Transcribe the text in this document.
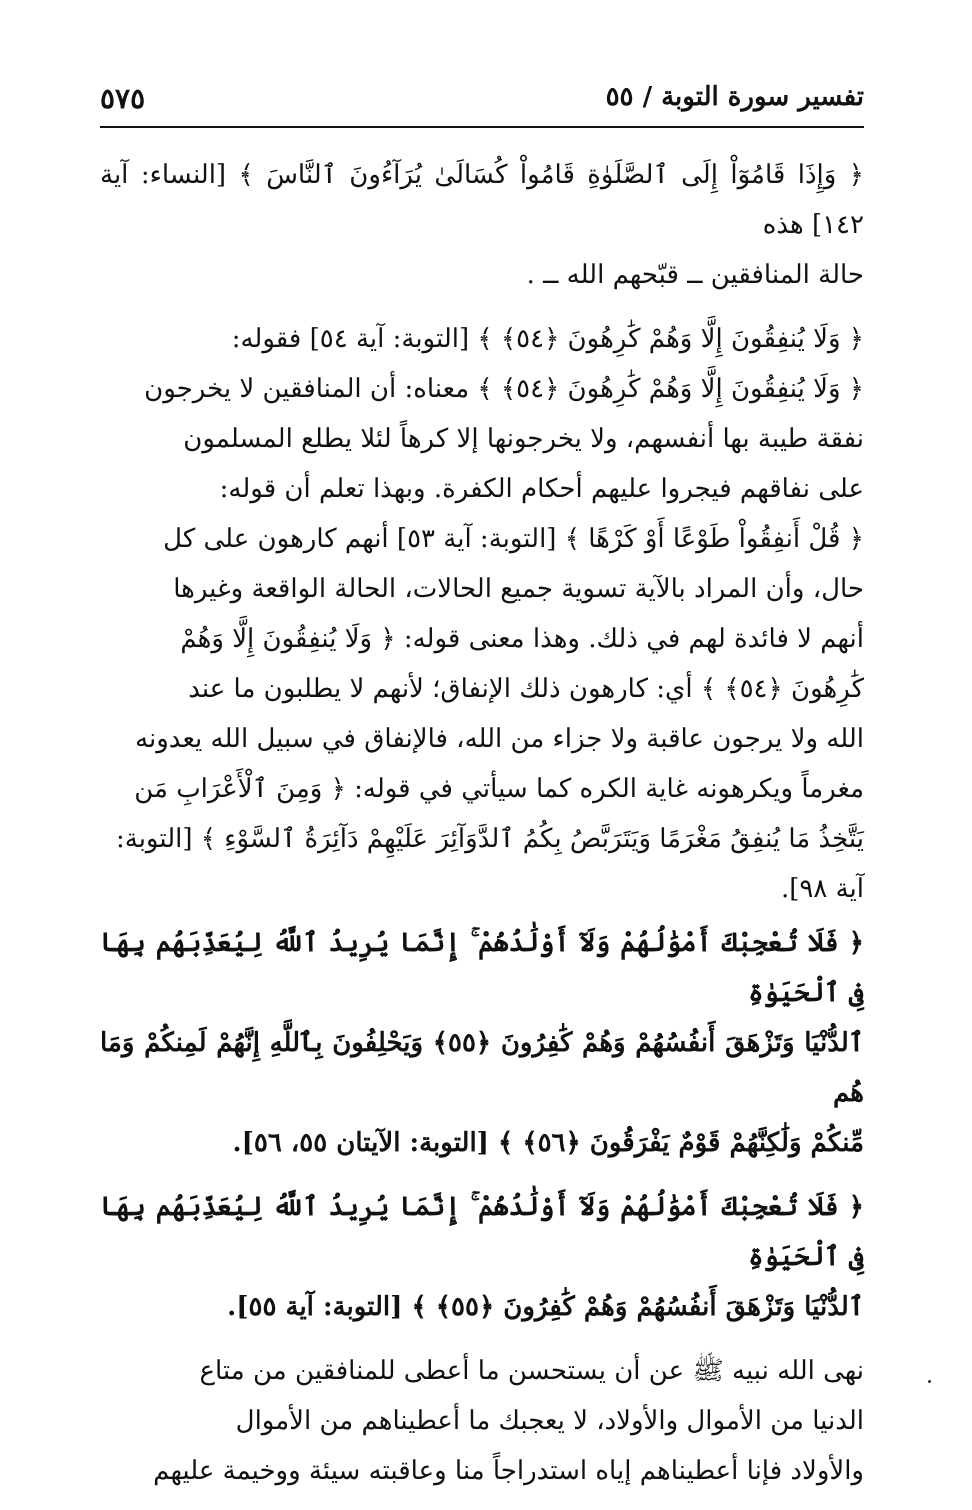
تفسير سورة التوبة / ٥٥
٥٧٥

﴿ وَإِذَا قَامُوٓاْ إِلَى ٱلصَّلَوٰةِ قَامُواْ كُسَالَىٰ يُرَآءُونَ ٱلنَّاسَ ﴾ [النساء: آية ١٤٢] هذه
حالة المنافقين ــ قبّحهم الله ــ .

﴿ وَلَا يُنفِقُونَ إِلَّا وَهُمْ كَٰرِهُونَ ﴿٥٤﴾ ﴾ [التوبة: آية ٥٤] فقوله:
﴿ وَلَا يُنفِقُونَ إِلَّا وَهُمْ كَٰرِهُونَ ﴿٥٤﴾ ﴾ معناه: أن المنافقين لا يخرجون
نفقة طيبة بها أنفسهم، ولا يخرجونها إلا كرهاً لئلا يطلع المسلمون
على نفاقهم فيجروا عليهم أحكام الكفرة. وبهذا تعلم أن قوله:
﴿ قُلْ أَنفِقُواْ طَوْعًا أَوْ كَرْهًا ﴾ [التوبة: آية ٥٣] أنهم كارهون على كل
حال، وأن المراد بالآية تسوية جميع الحالات، الحالة الواقعة وغيرها
أنهم لا فائدة لهم في ذلك. وهذا معنى قوله: ﴿ وَلَا يُنفِقُونَ إِلَّا وَهُمْ
كَٰرِهُونَ ﴿٥٤﴾ ﴾ أي: كارهون ذلك الإنفاق؛ لأنهم لا يطلبون ما عند
الله ولا يرجون عاقبة ولا جزاء من الله، فالإنفاق في سبيل الله يعدونه
مغرماً ويكرهونه غاية الكره كما سيأتي في قوله: ﴿ وَمِنَ ٱلْأَعْرَابِ مَن
يَتَّخِذُ مَا يُنفِقُ مَغْرَمًا وَيَتَرَبَّصُ بِكُمُ ٱلدَّوَآئِرَ عَلَيْهِمْ دَآئِرَةُ ٱلسَّوْءِ ﴾ [التوبة:
آية ٩٨].

﴿ فَلَا تُعْجِبْكَ أَمْوَٰلُهُمْ وَلَآ أَوْلَٰدُهُمْ ۚ إِنَّمَا يُرِيدُ ٱللَّهُ لِيُعَذِّبَهُم بِهَا فِى ٱلْحَيَوٰةِ
ٱلدُّنْيَا وَتَزْهَقَ أَنفُسُهُمْ وَهُمْ كَٰفِرُونَ ﴿٥٥﴾ وَيَحْلِفُونَ بِٱللَّهِ إِنَّهُمْ لَمِنكُمْ وَمَا هُم
مِّنكُمْ وَلَٰكِنَّهُمْ قَوْمٌ يَفْرَقُونَ ﴿٥٦﴾ ﴾ [التوبة: الآيتان ٥٥، ٥٦].

﴿ فَلَا تُعْجِبْكَ أَمْوَٰلُهُمْ وَلَآ أَوْلَٰدُهُمْ ۚ إِنَّمَا يُرِيدُ ٱللَّهُ لِيُعَذِّبَهُم بِهَا فِى ٱلْحَيَوٰةِ
ٱلدُّنْيَا وَتَزْهَقَ أَنفُسُهُمْ وَهُمْ كَٰفِرُونَ ﴿٥٥﴾ ﴾ [التوبة: آية ٥٥].

نهى الله نبيه ﷺ عن أن يستحسن ما أعطى للمنافقين من متاع
الدنيا من الأموال والأولاد، لا يعجبك ما أعطيناهم من الأموال
والأولاد فإنا أعطيناهم إياه استدراجاً منا وعاقبته سيئة ووخيمة عليهم
